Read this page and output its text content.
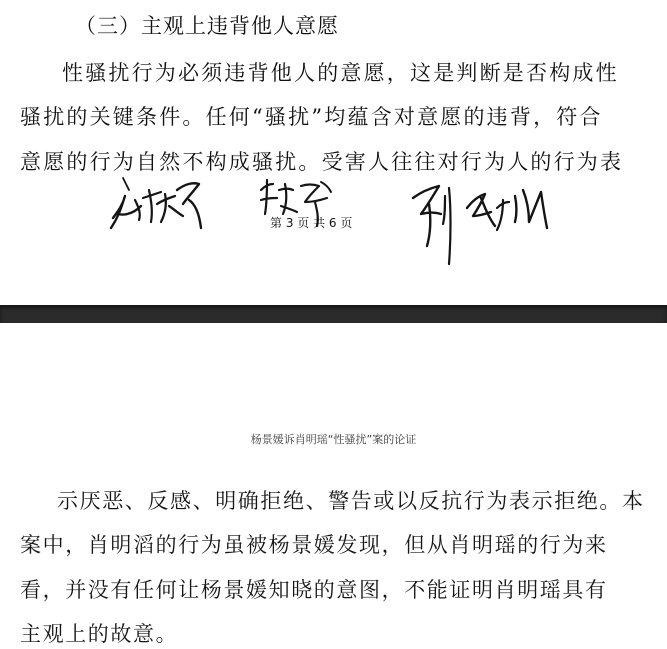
（三）主观上违背他人意愿

性骚扰行为必须违背他人的意愿，这是判断是否构成性

骚扰的关键条件。任何“骚扰”均蕴含对意愿的违背，符合

意愿的行为自然不构成骚扰。受害人往往对行为人的行为表

第 3 页 共 6 页
杨景媛诉肖明瑶“性骚扰”案的论证
示厌恶、反感、明确拒绝、警告或以反抗行为表示拒绝。本
案中，肖明滔的行为虽被杨景媛发现，但从肖明瑶的行为来
看，并没有任何让杨景媛知晓的意图，不能证明肖明瑶具有
主观上的故意。
